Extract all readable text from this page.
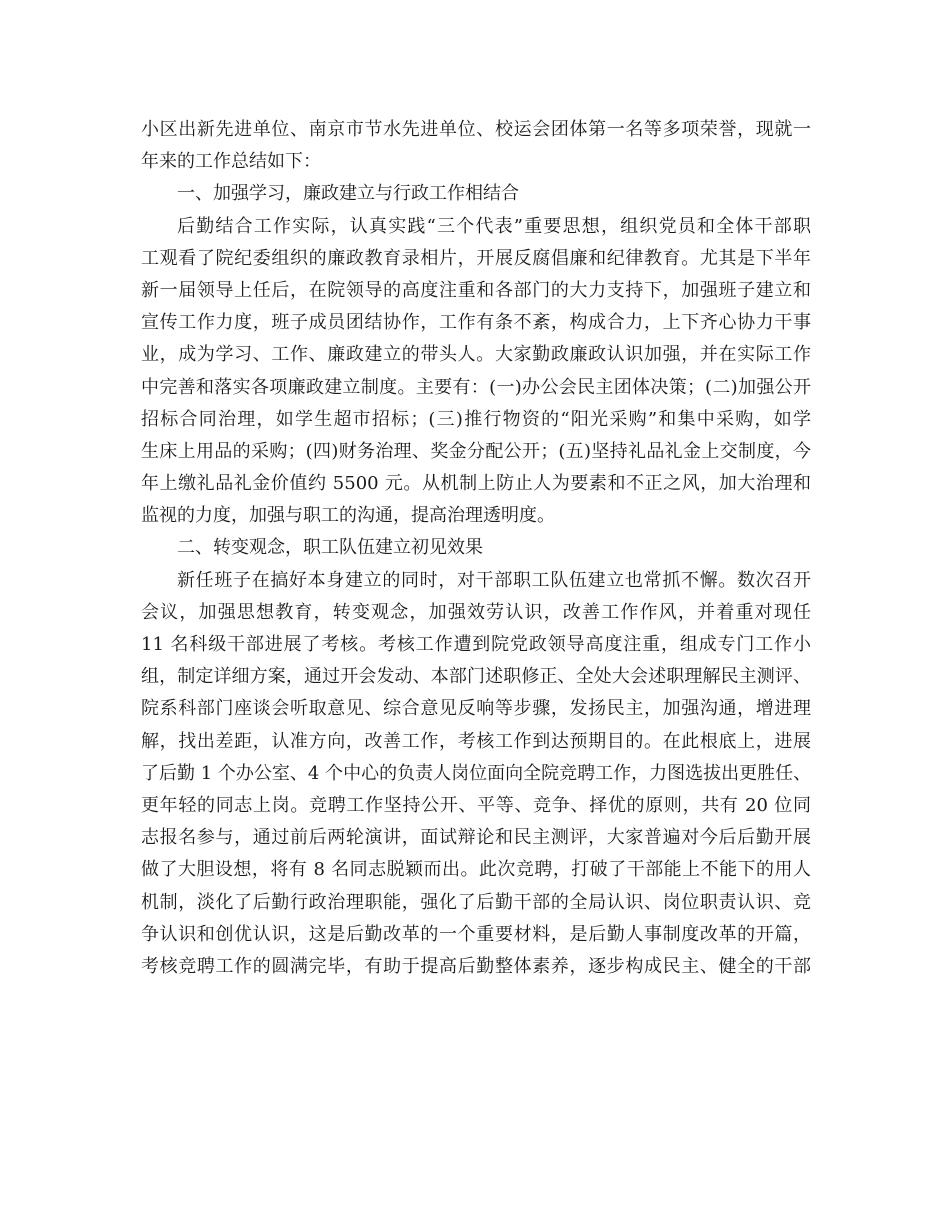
小区出新先进单位、南京市节水先进单位、校运会团体第一名等多项荣誉，现就一
年来的工作总结如下：
一、加强学习，廉政建立与行政工作相结合
后勤结合工作实际，认真实践“三个代表”重要思想，组织党员和全体干部职
工观看了院纪委组织的廉政教育录相片，开展反腐倡廉和纪律教育。尤其是下半年
新一届领导上任后，在院领导的高度注重和各部门的大力支持下，加强班子建立和
宣传工作力度，班子成员团结协作，工作有条不紊，构成合力，上下齐心协力干事
业，成为学习、工作、廉政建立的带头人。大家勤政廉政认识加强，并在实际工作
中完善和落实各项廉政建立制度。主要有：(一)办公会民主团体决策；(二)加强公开
招标合同治理，如学生超市招标；(三)推行物资的“阳光采购”和集中采购，如学
生床上用品的采购；(四)财务治理、奖金分配公开；(五)坚持礼品礼金上交制度，今
年上缴礼品礼金价值约 5500 元。从机制上防止人为要素和不正之风，加大治理和
监视的力度，加强与职工的沟通，提高治理透明度。
二、转变观念，职工队伍建立初见效果
新任班子在搞好本身建立的同时，对干部职工队伍建立也常抓不懈。数次召开
会议，加强思想教育，转变观念，加强效劳认识，改善工作作风，并着重对现任
11 名科级干部进展了考核。考核工作遭到院党政领导高度注重，组成专门工作小
组，制定详细方案，通过开会发动、本部门述职修正、全处大会述职理解民主测评、
院系科部门座谈会听取意见、综合意见反响等步骤，发扬民主，加强沟通，增进理
解，找出差距，认准方向，改善工作，考核工作到达预期目的。在此根底上，进展
了后勤 1 个办公室、4 个中心的负责人岗位面向全院竞聘工作，力图选拔出更胜任、
更年轻的同志上岗。竞聘工作坚持公开、平等、竞争、择优的原则，共有 20 位同
志报名参与，通过前后两轮演讲，面试辩论和民主测评，大家普遍对今后后勤开展
做了大胆设想，将有 8 名同志脱颖而出。此次竞聘，打破了干部能上不能下的用人
机制，淡化了后勤行政治理职能，强化了后勤干部的全局认识、岗位职责认识、竞
争认识和创优认识，这是后勤改革的一个重要材料，是后勤人事制度改革的开篇，
考核竞聘工作的圆满完毕，有助于提高后勤整体素养，逐步构成民主、健全的干部
